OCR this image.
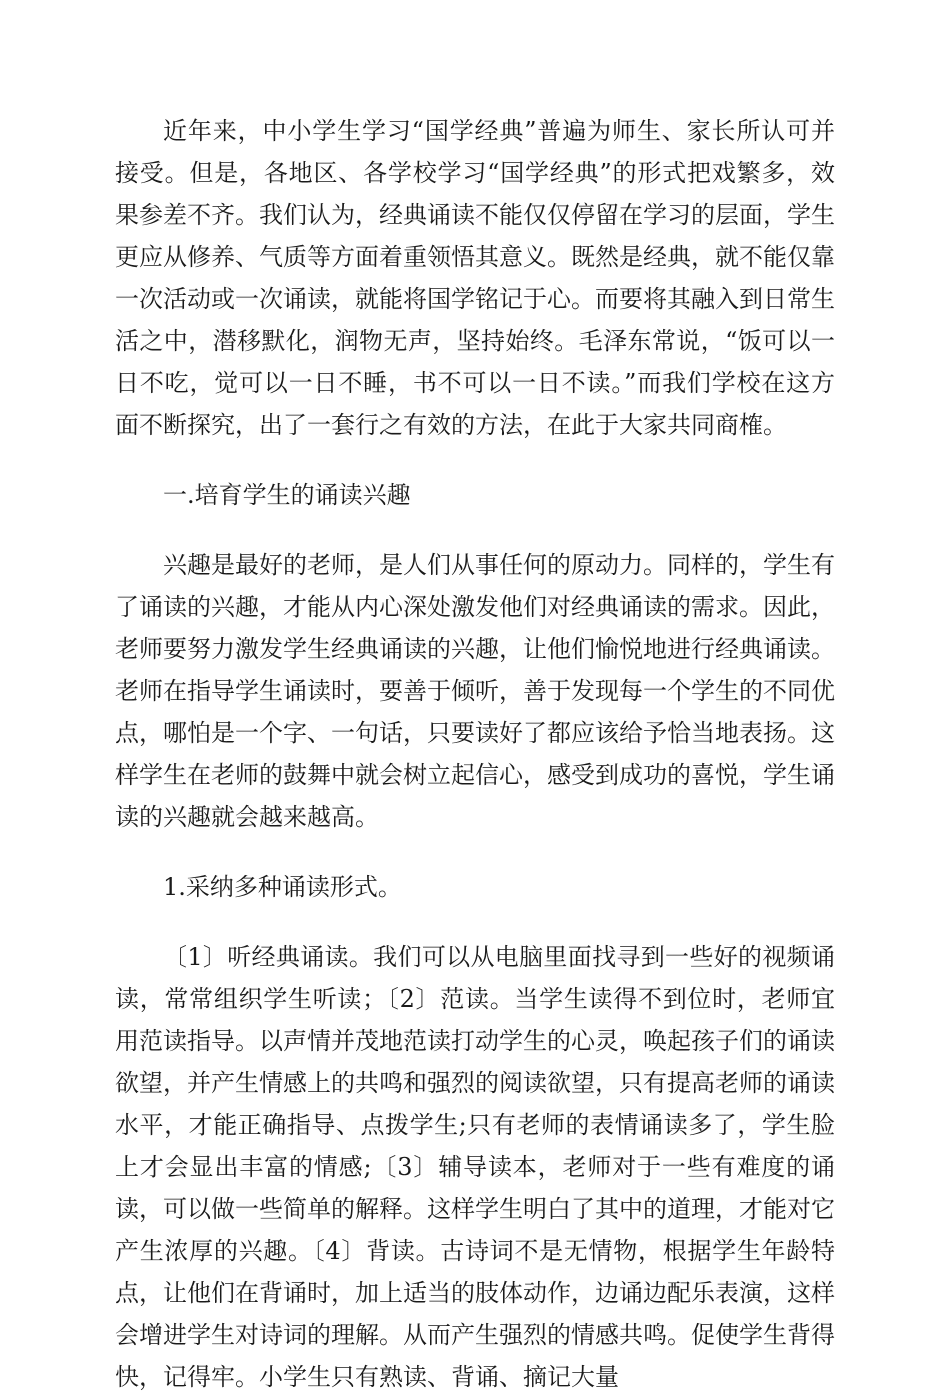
近年来，中小学生学习“国学经典”普遍为师生、家长所认可并接受。但是，各地区、各学校学习“国学经典”的形式把戏繁多，效果参差不齐。我们认为，经典诵读不能仅仅停留在学习的层面，学生更应从修养、气质等方面着重领悟其意义。既然是经典，就不能仅靠一次活动或一次诵读，就能将国学铭记于心。而要将其融入到日常生活之中，潜移默化，润物无声，坚持始终。毛泽东常说，“饭可以一日不吃，觉可以一日不睡，书不可以一日不读。”而我们学校在这方面不断探究，出了一套行之有效的方法，在此于大家共同商榷。

一.培育学生的诵读兴趣

兴趣是最好的老师，是人们从事任何的原动力。同样的，学生有了诵读的兴趣，才能从内心深处激发他们对经典诵读的需求。因此，老师要努力激发学生经典诵读的兴趣，让他们愉悦地进行经典诵读。老师在指导学生诵读时，要善于倾听，善于发现每一个学生的不同优点，哪怕是一个字、一句话，只要读好了都应该给予恰当地表扬。这样学生在老师的鼓舞中就会树立起信心，感受到成功的喜悦，学生诵读的兴趣就会越来越高。

1.采纳多种诵读形式。

〔1〕听经典诵读。我们可以从电脑里面找寻到一些好的视频诵读，常常组织学生听读；〔2〕范读。当学生读得不到位时，老师宜用范读指导。以声情并茂地范读打动学生的心灵，唤起孩子们的诵读欲望，并产生情感上的共鸣和强烈的阅读欲望，只有提高老师的诵读水平，才能正确指导、点拨学生;只有老师的表情诵读多了，学生脸上才会显出丰富的情感;〔3〕辅导读本，老师对于一些有难度的诵读，可以做一些简单的解释。这样学生明白了其中的道理，才能对它产生浓厚的兴趣。〔4〕背读。古诗词不是无情物，根据学生年龄特点，让他们在背诵时，加上适当的肢体动作，边诵边配乐表演，这样会增进学生对诗词的理解。从而产生强烈的情感共鸣。促使学生背得快，记得牢。小学生只有熟读、背诵、摘记大量
